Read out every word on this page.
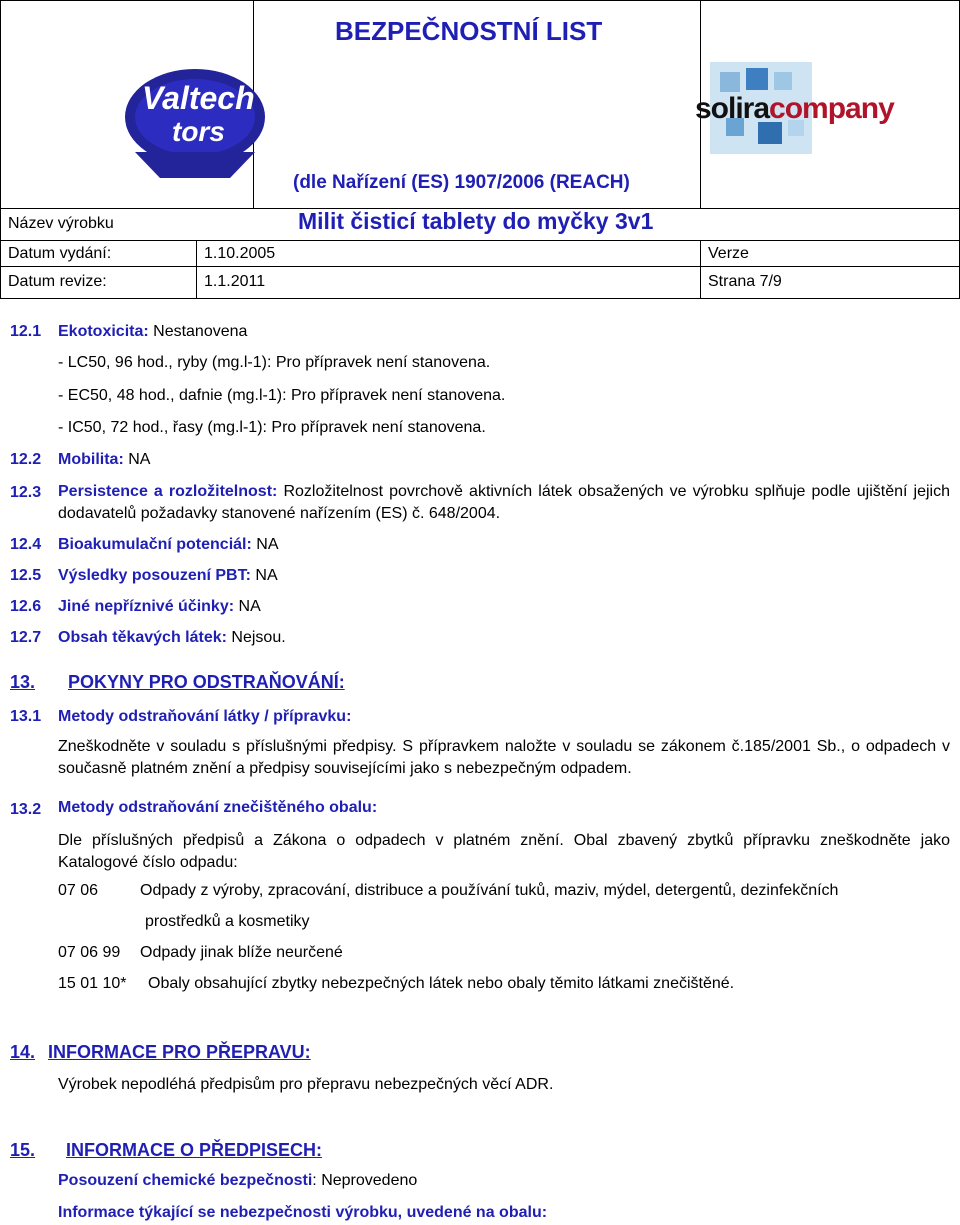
BEZPEČNOSTNÍ LIST
Valtech
tors
soliracompany
(dle Nařízení (ES) 1907/2006 (REACH)
Název výrobku	Milit čisticí tablety do myčky 3v1
Datum vydání:	1.10.2005	Verze
Datum revize:	1.1.2011	Strana 7/9
12.1 Ekotoxicita: Nestanovena
- LC50, 96 hod., ryby (mg.l-1): Pro přípravek není stanovena.
- EC50, 48 hod., dafnie (mg.l-1): Pro přípravek není stanovena.
- IC50, 72 hod., řasy (mg.l-1): Pro přípravek není stanovena.
12.2 Mobilita: NA
12.3 Persistence a rozložitelnost: Rozložitelnost povrchově aktivních látek obsažených ve výrobku splňuje podle ujištění jejich dodavatelů požadavky stanovené nařízením (ES) č. 648/2004.
12.4 Bioakumulační potenciál: NA
12.5 Výsledky posouzení PBT: NA
12.6 Jiné nepříznivé účinky: NA
12.7 Obsah těkavých látek: Nejsou.
13. POKYNY PRO ODSTRAŇOVÁNÍ:
13.1 Metody odstraňování látky / přípravku:
Zneškodněte v souladu s příslušnými předpisy. S přípravkem naložte v souladu se zákonem č.185/2001 Sb., o odpadech v současně platném znění a předpisy souvisejícími jako s nebezpečným odpadem.
13.2 Metody odstraňování znečištěného obalu:
Dle příslušných předpisů a Zákona o odpadech v platném znění. Obal zbavený zbytků přípravku zneškodněte jako Katalogové číslo odpadu:
07 06	Odpady z výroby, zpracování, distribuce a používání tuků, maziv, mýdel, detergentů, dezinfekčních
prostředků a kosmetiky
07 06 99 Odpady jinak blíže neurčené
15 01 10* Obaly obsahující zbytky nebezpečných látek nebo obaly těmito látkami znečištěné.
14. INFORMACE PRO PŘEPRAVU:
Výrobek nepodléhá předpisům pro přepravu nebezpečných věcí ADR.
15. INFORMACE O PŘEDPISECH:
Posouzení chemické bezpečnosti: Neprovedeno
Informace týkající se nebezpečnosti výrobku, uvedené na obalu:
